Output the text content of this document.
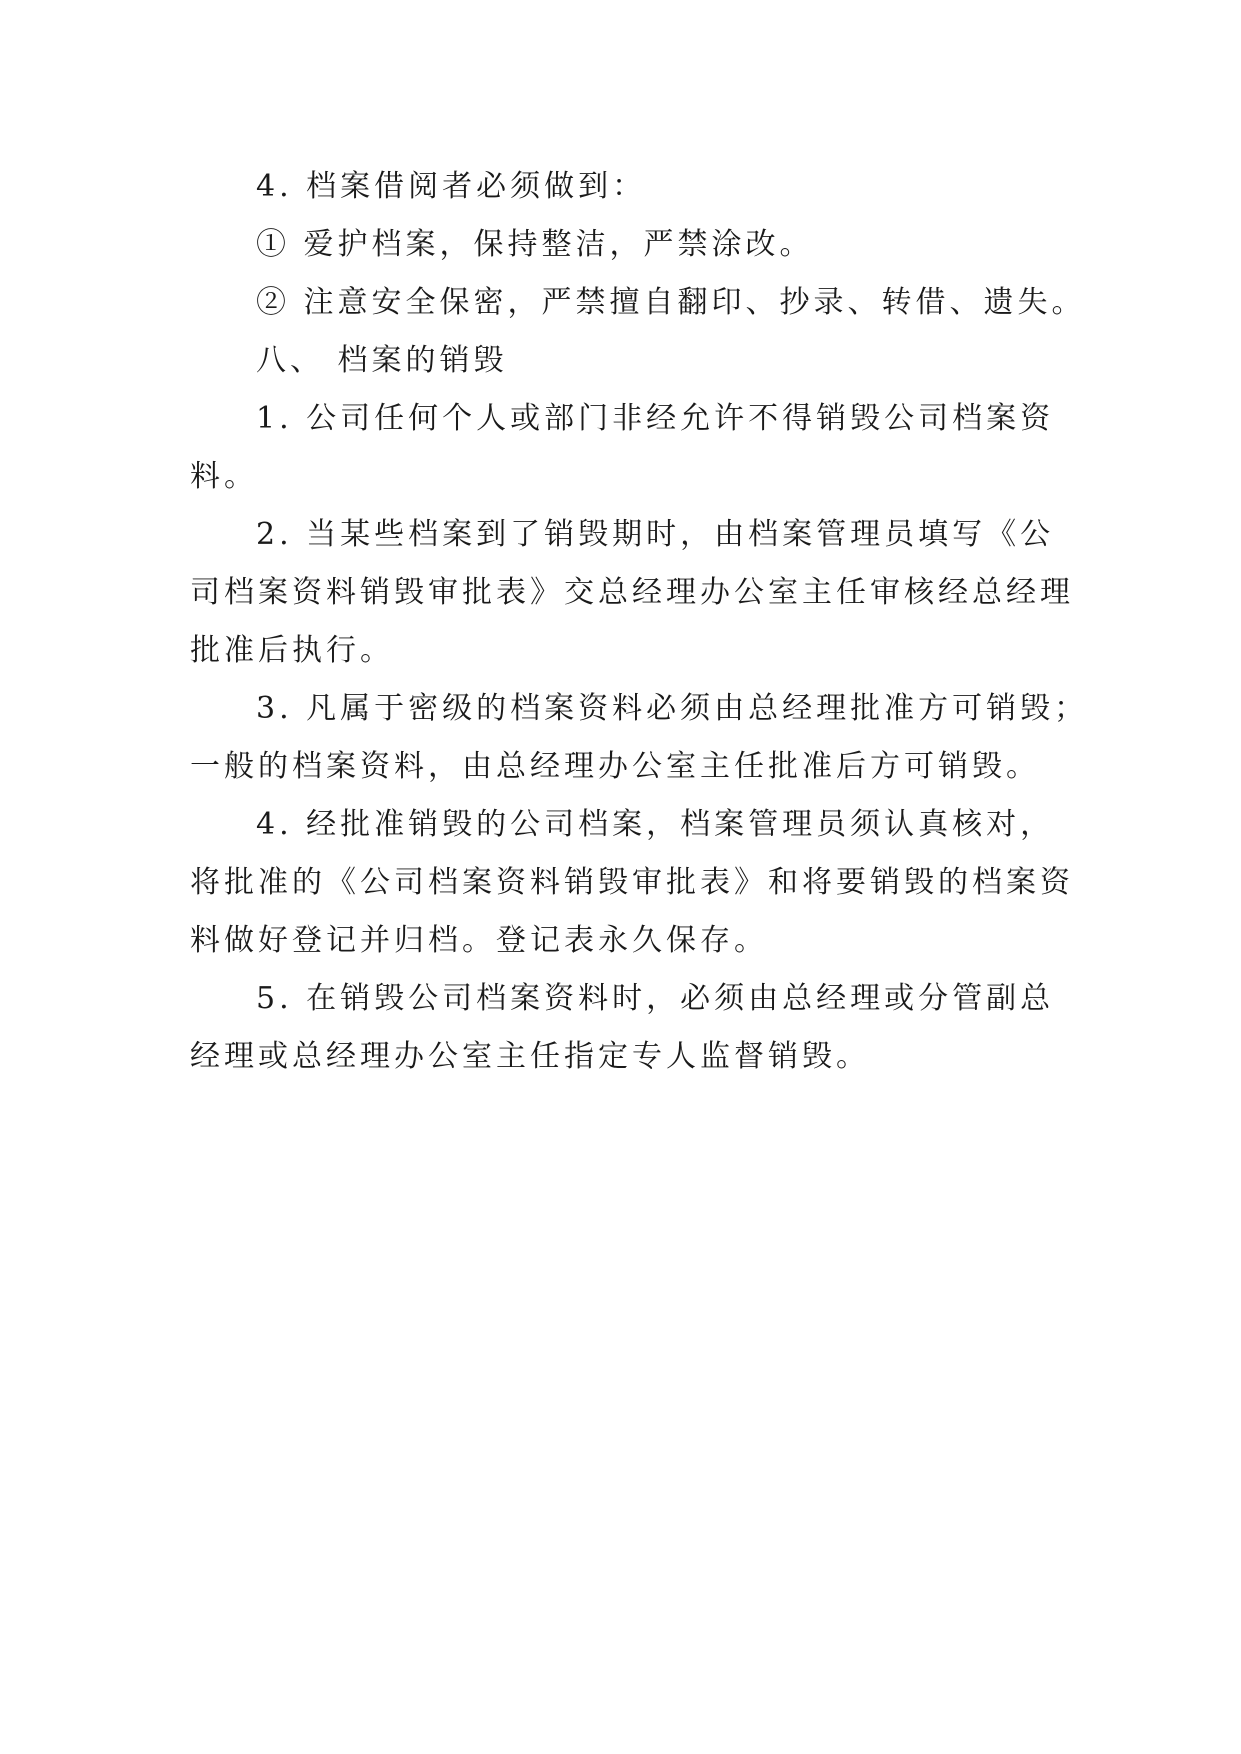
4. 档案借阅者必须做到：
① 爱护档案，保持整洁，严禁涂改。
② 注意安全保密，严禁擅自翻印、抄录、转借、遗失。
八、 档案的销毁
1. 公司任何个人或部门非经允许不得销毁公司档案资
料。
2. 当某些档案到了销毁期时，由档案管理员填写《公
司档案资料销毁审批表》交总经理办公室主任审核经总经理
批准后执行。
3. 凡属于密级的档案资料必须由总经理批准方可销毁；
一般的档案资料，由总经理办公室主任批准后方可销毁。
4. 经批准销毁的公司档案，档案管理员须认真核对，
将批准的《公司档案资料销毁审批表》和将要销毁的档案资
料做好登记并归档。登记表永久保存。
5. 在销毁公司档案资料时，必须由总经理或分管副总
经理或总经理办公室主任指定专人监督销毁。
